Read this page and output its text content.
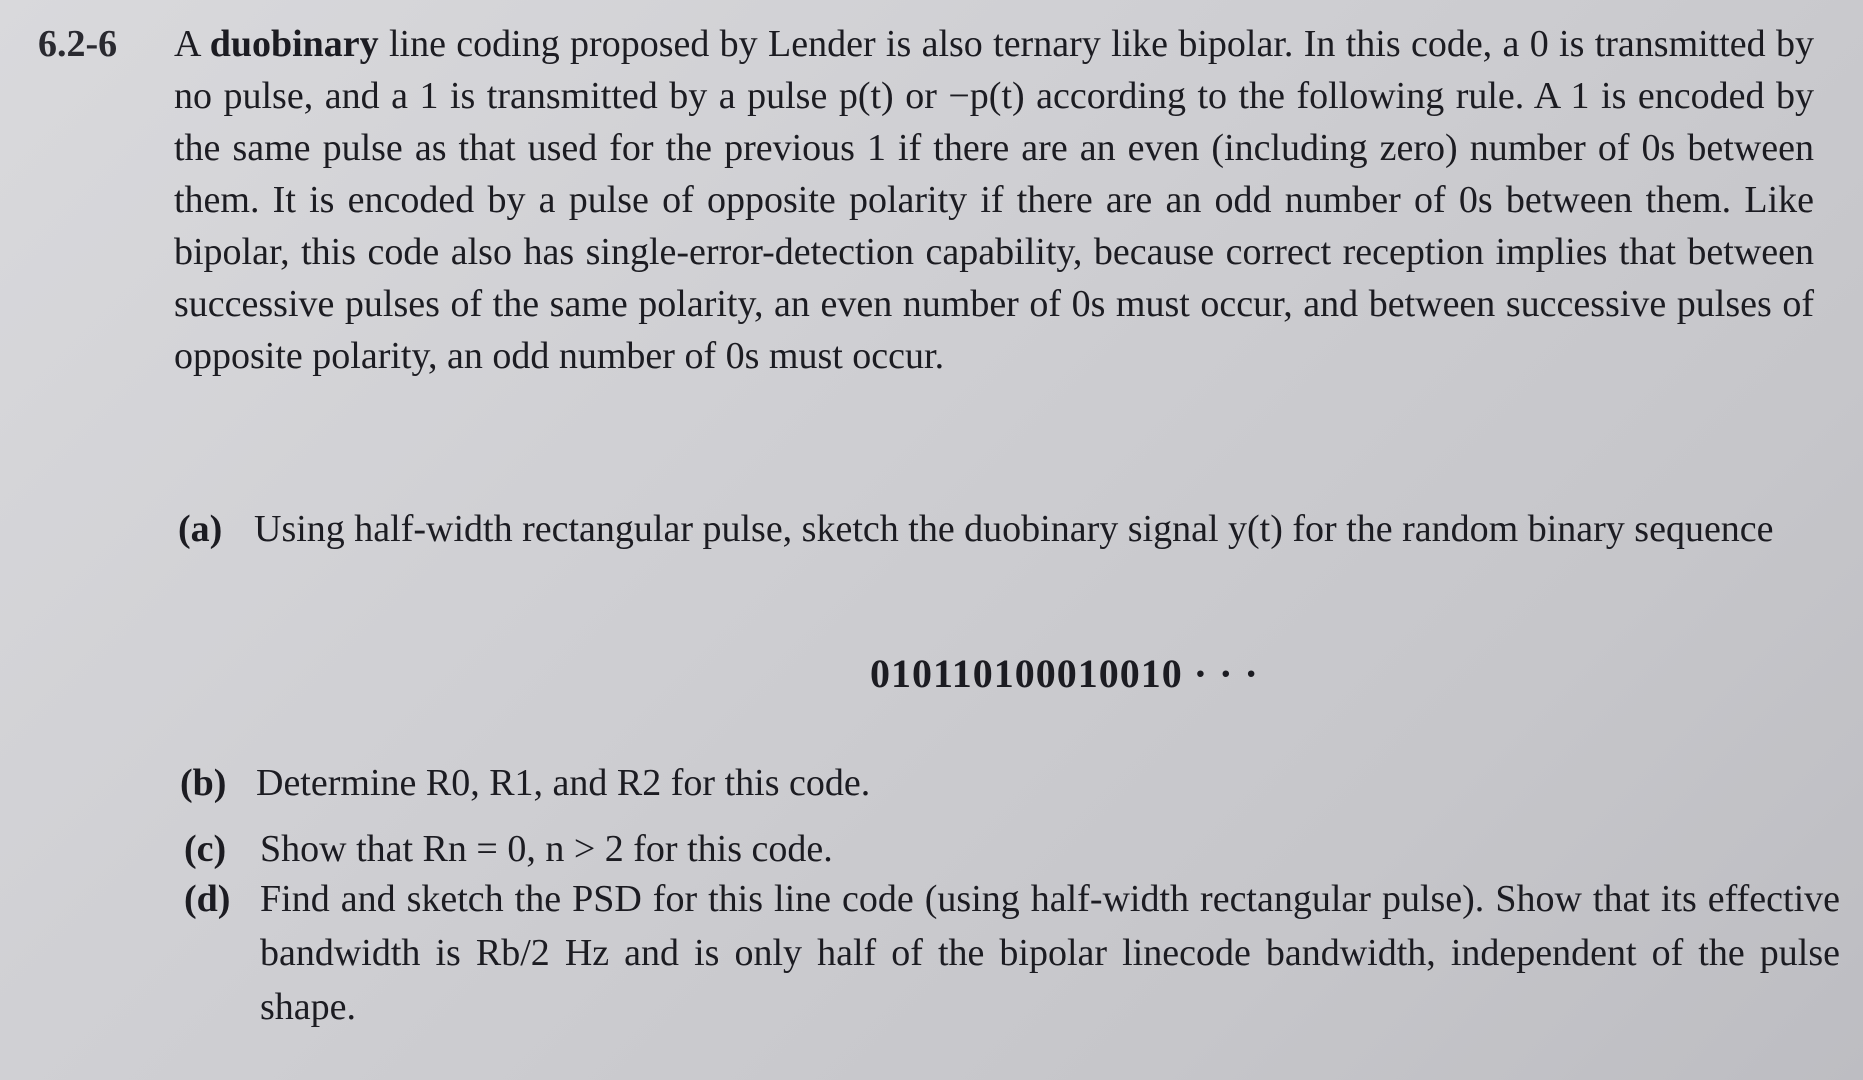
6.2-6 A duobinary line coding proposed by Lender is also ternary like bipolar. In this code, a 0 is transmitted by no pulse, and a 1 is transmitted by a pulse p(t) or −p(t) according to the following rule. A 1 is encoded by the same pulse as that used for the previous 1 if there are an even (including zero) number of 0s between them. It is encoded by a pulse of opposite polarity if there are an odd number of 0s between them. Like bipolar, this code also has single-error-detection capability, because correct reception implies that between successive pulses of the same polarity, an even number of 0s must occur, and between successive pulses of opposite polarity, an odd number of 0s must occur.
(a) Using half-width rectangular pulse, sketch the duobinary signal y(t) for the random binary sequence
010110100010010 · · ·
(b) Determine R0, R1, and R2 for this code.
(c) Show that Rn = 0, n > 2 for this code.
(d) Find and sketch the PSD for this line code (using half-width rectangular pulse). Show that its effective bandwidth is Rb/2 Hz and is only half of the bipolar linecode bandwidth, independent of the pulse shape.
